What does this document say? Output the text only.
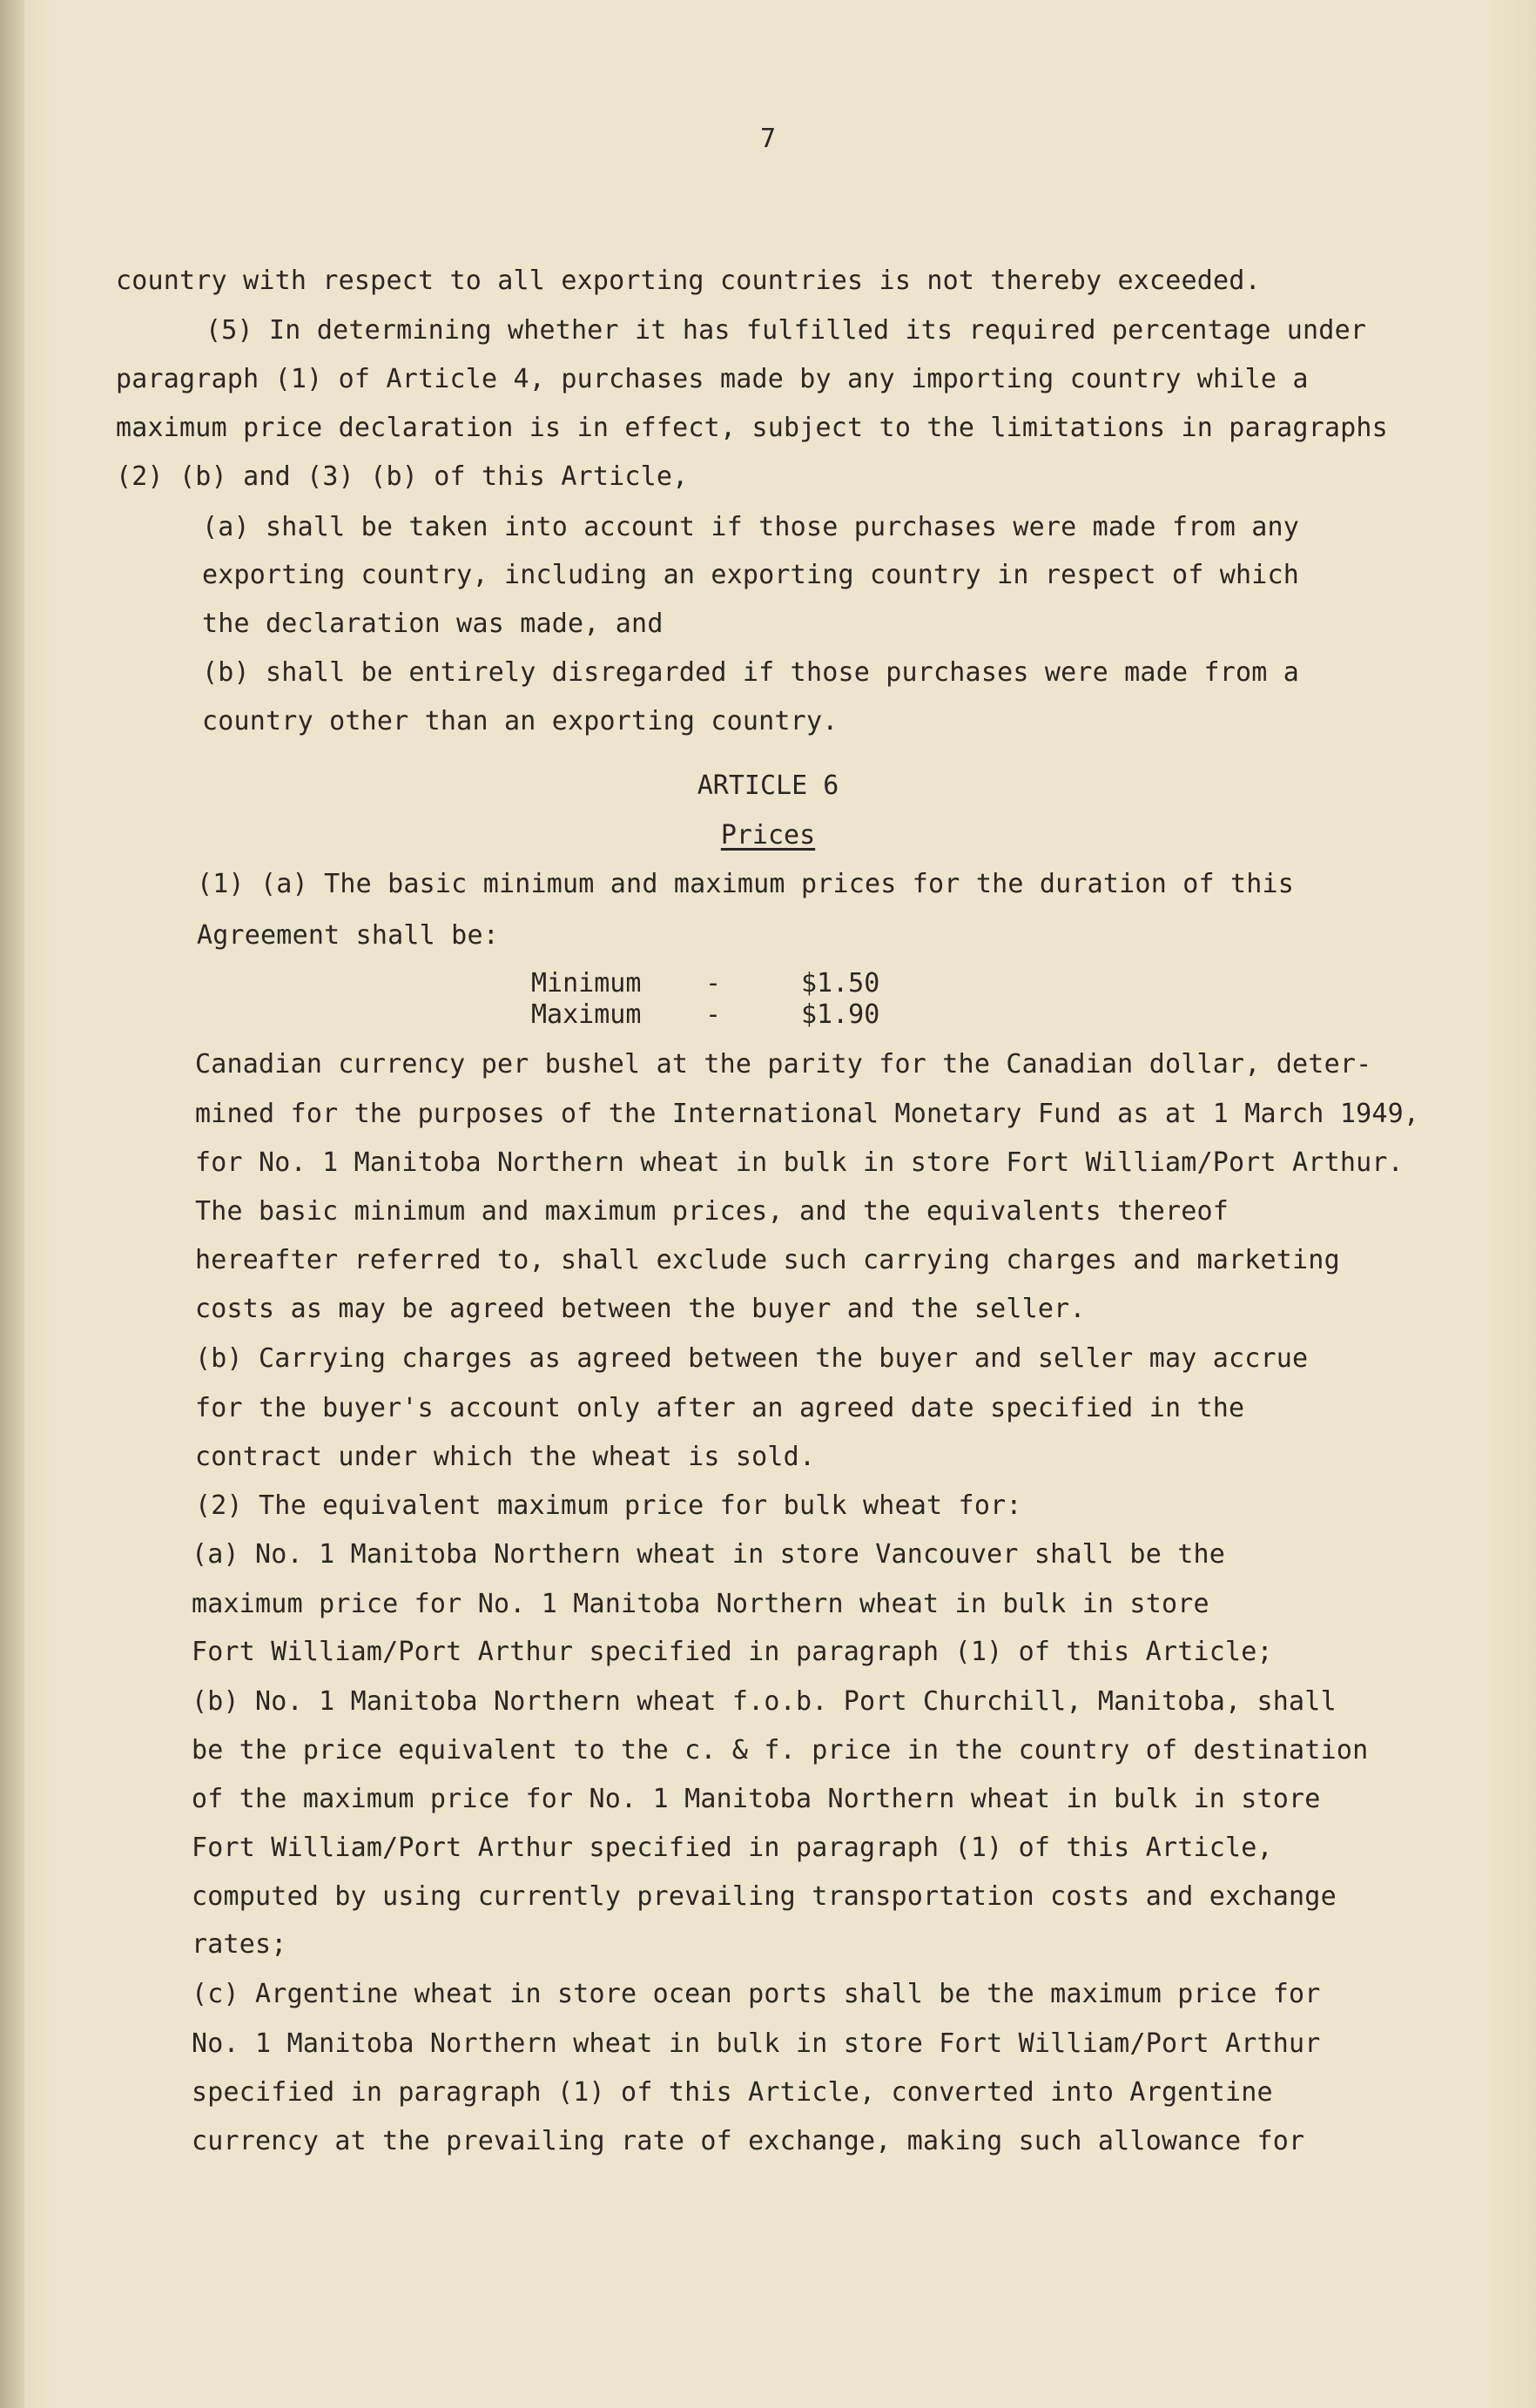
7
country with respect to all exporting countries is not thereby exceeded.
(5) In determining whether it has fulfilled its required percentage under
paragraph (1) of Article 4, purchases made by any importing country while a
maximum price declaration is in effect, subject to the limitations in paragraphs
(2) (b) and (3) (b) of this Article,
(a) shall be taken into account if those purchases were made from any
exporting country, including an exporting country in respect of which
the declaration was made, and
(b) shall be entirely disregarded if those purchases were made from a
country other than an exporting country.
ARTICLE 6
Prices
(1) (a) The basic minimum and maximum prices for the duration of this
Agreement shall be:
Minimum -	$1.50
Maximum -	$1.90
Canadian currency per bushel at the parity for the Canadian dollar, deter-
mined for the purposes of the International Monetary Fund as at 1 March 1949,
for No. 1 Manitoba Northern wheat in bulk in store Fort William/Port Arthur.
The basic minimum and maximum prices, and the equivalents thereof
hereafter referred to, shall exclude such carrying charges and marketing
costs as may be agreed between the buyer and the seller.
(b) Carrying charges as agreed between the buyer and seller may accrue
for the buyer's account only after an agreed date specified in the
contract under which the wheat is sold.
(2) The equivalent maximum price for bulk wheat for:
(a) No. 1 Manitoba Northern wheat in store Vancouver shall be the
maximum price for No. 1 Manitoba Northern wheat in bulk in store
Fort William/Port Arthur specified in paragraph (1) of this Article;
(b) No. 1 Manitoba Northern wheat f.o.b. Port Churchill, Manitoba, shall
be the price equivalent to the c. & f. price in the country of destination
of the maximum price for No. 1 Manitoba Northern wheat in bulk in store
Fort William/Port Arthur specified in paragraph (1) of this Article,
computed by using currently prevailing transportation costs and exchange
rates;
(c) Argentine wheat in store ocean ports shall be the maximum price for
No. 1 Manitoba Northern wheat in bulk in store Fort William/Port Arthur
specified in paragraph (1) of this Article, converted into Argentine
currency at the prevailing rate of exchange, making such allowance for
